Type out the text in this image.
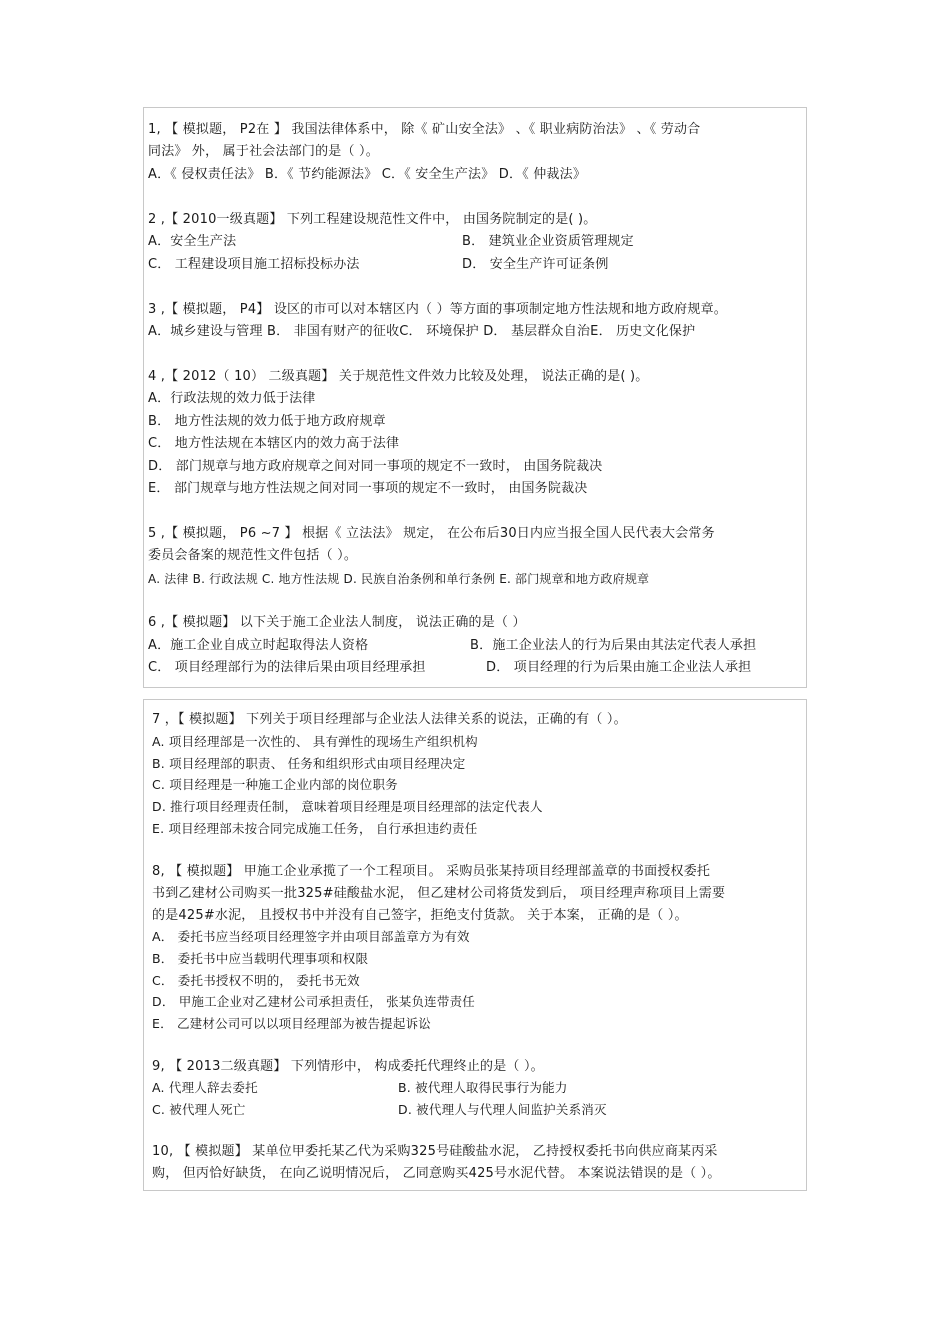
1, 【 模拟题， P2在 】 我国法律体系中， 除《 矿山安全法》 、《 职业病防治法》 、《 劳动合

同法》 外， 属于社会法部门的是（ ）。

A．《 侵权责任法》 B．《 节约能源法》 C．《 安全生产法》 D．《 仲裁法》

2 ,【 2010一级真题】 下列工程建设规范性文件中， 由国务院制定的是( )。

A．安全生产法	B． 建筑业企业资质管理规定

C． 工程建设项目施工招标投标办法	D． 安全生产许可证条例

3 ,【 模拟题， P4】 设区的市可以对本辖区内（ ）等方面的事项制定地方性法规和地方政府规章。

A．城乡建设与管理 B． 非国有财产的征收C． 环境保护 D． 基层群众自治E． 历史文化保护

4 ,【 2012（ 10） 二级真题】 关于规范性文件效力比较及处理， 说法正确的是( )。

A．行政法规的效力低于法律

B． 地方性法规的效力低于地方政府规章

C． 地方性法规在本辖区内的效力高于法律

D． 部门规章与地方政府规章之间对同一事项的规定不一致时， 由国务院裁决

E． 部门规章与地方性法规之间对同一事项的规定不一致时， 由国务院裁决

5 ,【 模拟题， P6 ~7 】 根据《 立法法》 规定， 在公布后30日内应当报全国人民代表大会常务

委员会备案的规范性文件包括（ ）。

A. 法律 B. 行政法规 C. 地方性法规 D. 民族自治条例和单行条例 E. 部门规章和地方政府规章

6 ,【 模拟题】 以下关于施工企业法人制度， 说法正确的是（ ）

A．施工企业自成立时起取得法人资格	B．施工企业法人的行为后果由其法定代表人承担

C． 项目经理部行为的法律后果由项目经理承担	D． 项目经理的行为后果由施工企业法人承担

7 ，【 模拟题】 下列关于项目经理部与企业法人法律关系的说法，正确的有（ ）。

A. 项目经理部是一次性的、 具有弹性的现场生产组织机构

B. 项目经理部的职责、 任务和组织形式由项目经理决定

C. 项目经理是一种施工企业内部的岗位职务

D. 推行项目经理责任制， 意味着项目经理是项目经理部的法定代表人

E. 项目经理部未按合同完成施工任务， 自行承担违约责任

8, 【 模拟题】 甲施工企业承揽了一个工程项目。 采购员张某持项目经理部盖章的书面授权委托

书到乙建材公司购买一批325#硅酸盐水泥， 但乙建材公司将货发到后， 项目经理声称项目上需要

的是425#水泥， 且授权书中并没有自己签字，拒绝支付货款。 关于本案， 正确的是（ ）。

A． 委托书应当经项目经理签字并由项目部盖章方为有效

B． 委托书中应当载明代理事项和权限

C． 委托书授权不明的， 委托书无效

D． 甲施工企业对乙建材公司承担责任， 张某负连带责任

E． 乙建材公司可以以项目经理部为被告提起诉讼

9, 【 2013二级真题】 下列情形中， 构成委托代理终止的是（ ）。

A. 代理人辞去委托	B. 被代理人取得民事行为能力

C. 被代理人死亡	D. 被代理人与代理人间监护关系消灭

10, 【 模拟题】 某单位甲委托某乙代为采购325号硅酸盐水泥， 乙持授权委托书向供应商某丙采

购， 但丙恰好缺货， 在向乙说明情况后， 乙同意购买425号水泥代替。 本案说法错误的是（ ）。
